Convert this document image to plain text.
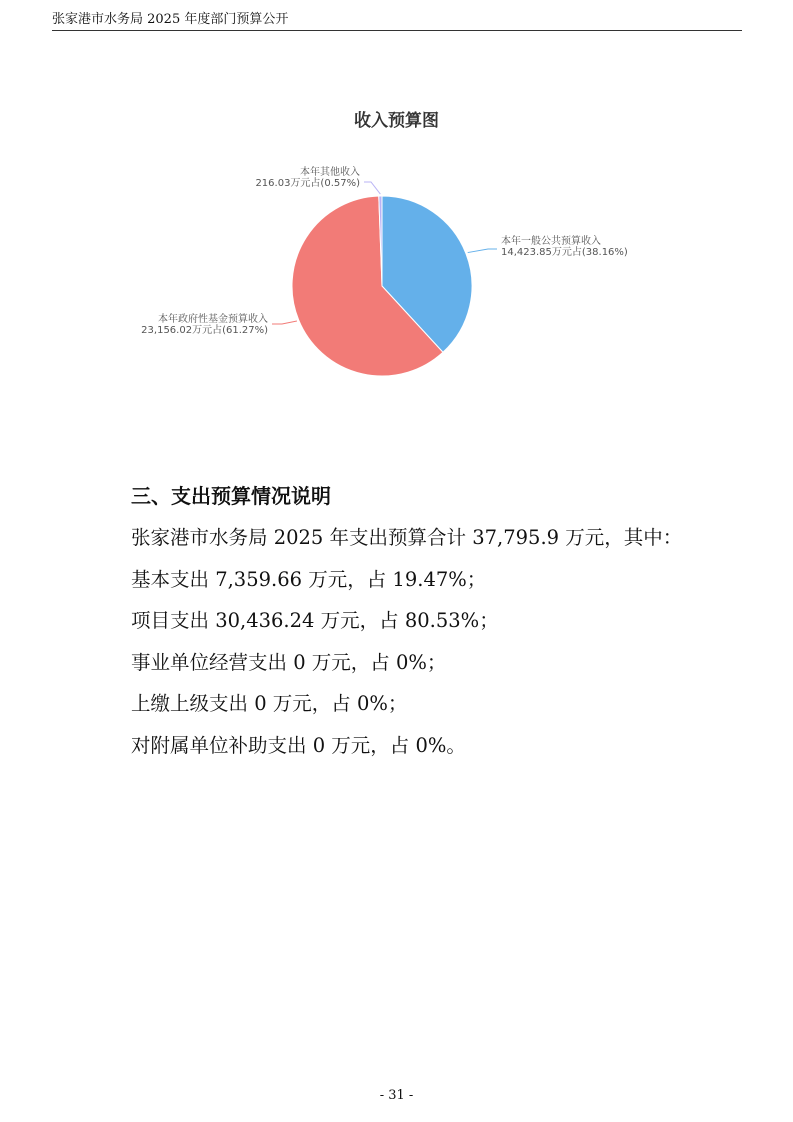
张家港市水务局 2025 年度部门预算公开
收入预算图
本年一般公共预算收入
14,423.85万元占(38.16%)
本年政府性基金预算收入
23,156.02万元占(61.27%)
本年其他收入
216.03万元占(0.57%)
三、支出预算情况说明
张家港市水务局 2025 年支出预算合计 37,795.9 万元，其中：
基本支出 7,359.66 万元，占 19.47%；
项目支出 30,436.24 万元，占 80.53%；
事业单位经营支出 0 万元，占 0%；
上缴上级支出 0 万元，占 0%；
对附属单位补助支出 0 万元，占 0%。
- 31 -
